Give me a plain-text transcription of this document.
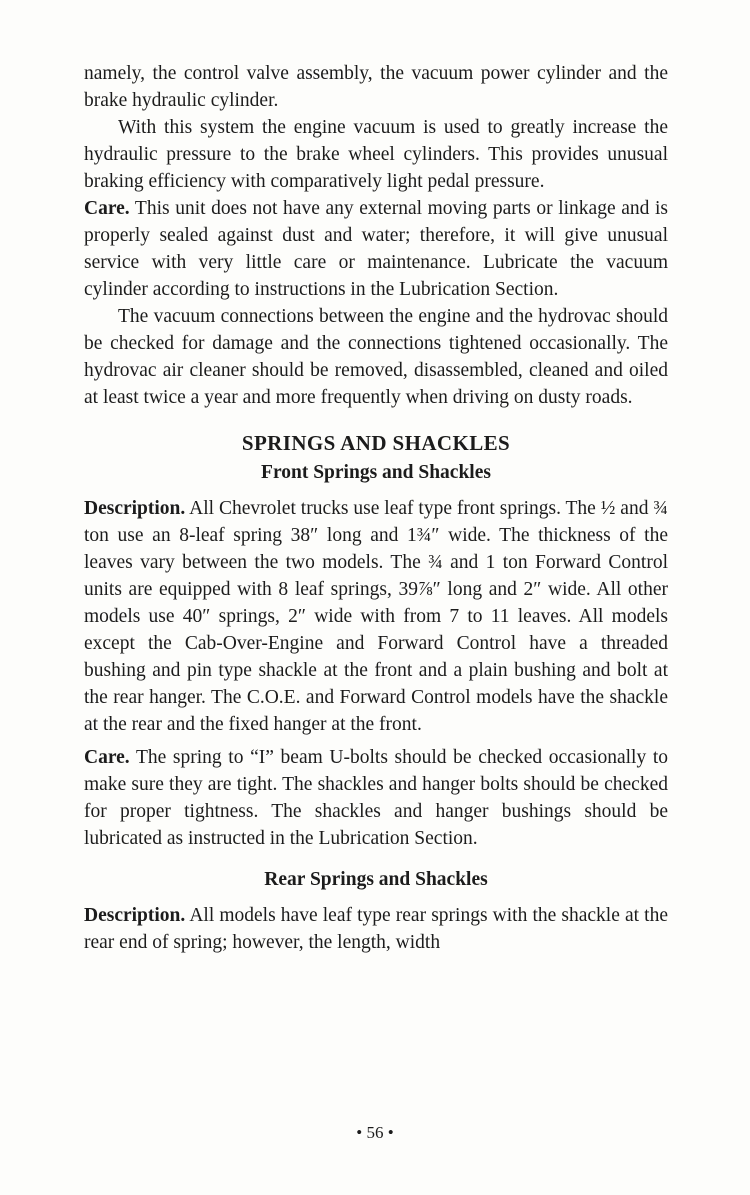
namely, the control valve assembly, the vacuum power cylinder and the brake hydraulic cylinder.

With this system the engine vacuum is used to greatly increase the hydraulic pressure to the brake wheel cylinders. This provides unusual braking efficiency with comparatively light pedal pressure.

Care. This unit does not have any external moving parts or linkage and is properly sealed against dust and water; therefore, it will give unusual service with very little care or maintenance. Lubricate the vacuum cylinder according to instructions in the Lubrication Section.

The vacuum connections between the engine and the hydrovac should be checked for damage and the connections tightened occasionally. The hydrovac air cleaner should be removed, disassembled, cleaned and oiled at least twice a year and more frequently when driving on dusty roads.

SPRINGS AND SHACKLES
Front Springs and Shackles

Description. All Chevrolet trucks use leaf type front springs. The ½ and ¾ ton use an 8-leaf spring 38″ long and 1¾″ wide. The thickness of the leaves vary between the two models. The ¾ and 1 ton Forward Control units are equipped with 8 leaf springs, 39⅞″ long and 2″ wide. All other models use 40″ springs, 2″ wide with from 7 to 11 leaves. All models except the Cab-Over-Engine and Forward Control have a threaded bushing and pin type shackle at the front and a plain bushing and bolt at the rear hanger. The C.O.E. and Forward Control models have the shackle at the rear and the fixed hanger at the front.

Care. The spring to “I” beam U-bolts should be checked occasionally to make sure they are tight. The shackles and hanger bolts should be checked for proper tightness. The shackles and hanger bushings should be lubricated as instructed in the Lubrication Section.

Rear Springs and Shackles

Description. All models have leaf type rear springs with the shackle at the rear end of spring; however, the length, width

• 56 •
